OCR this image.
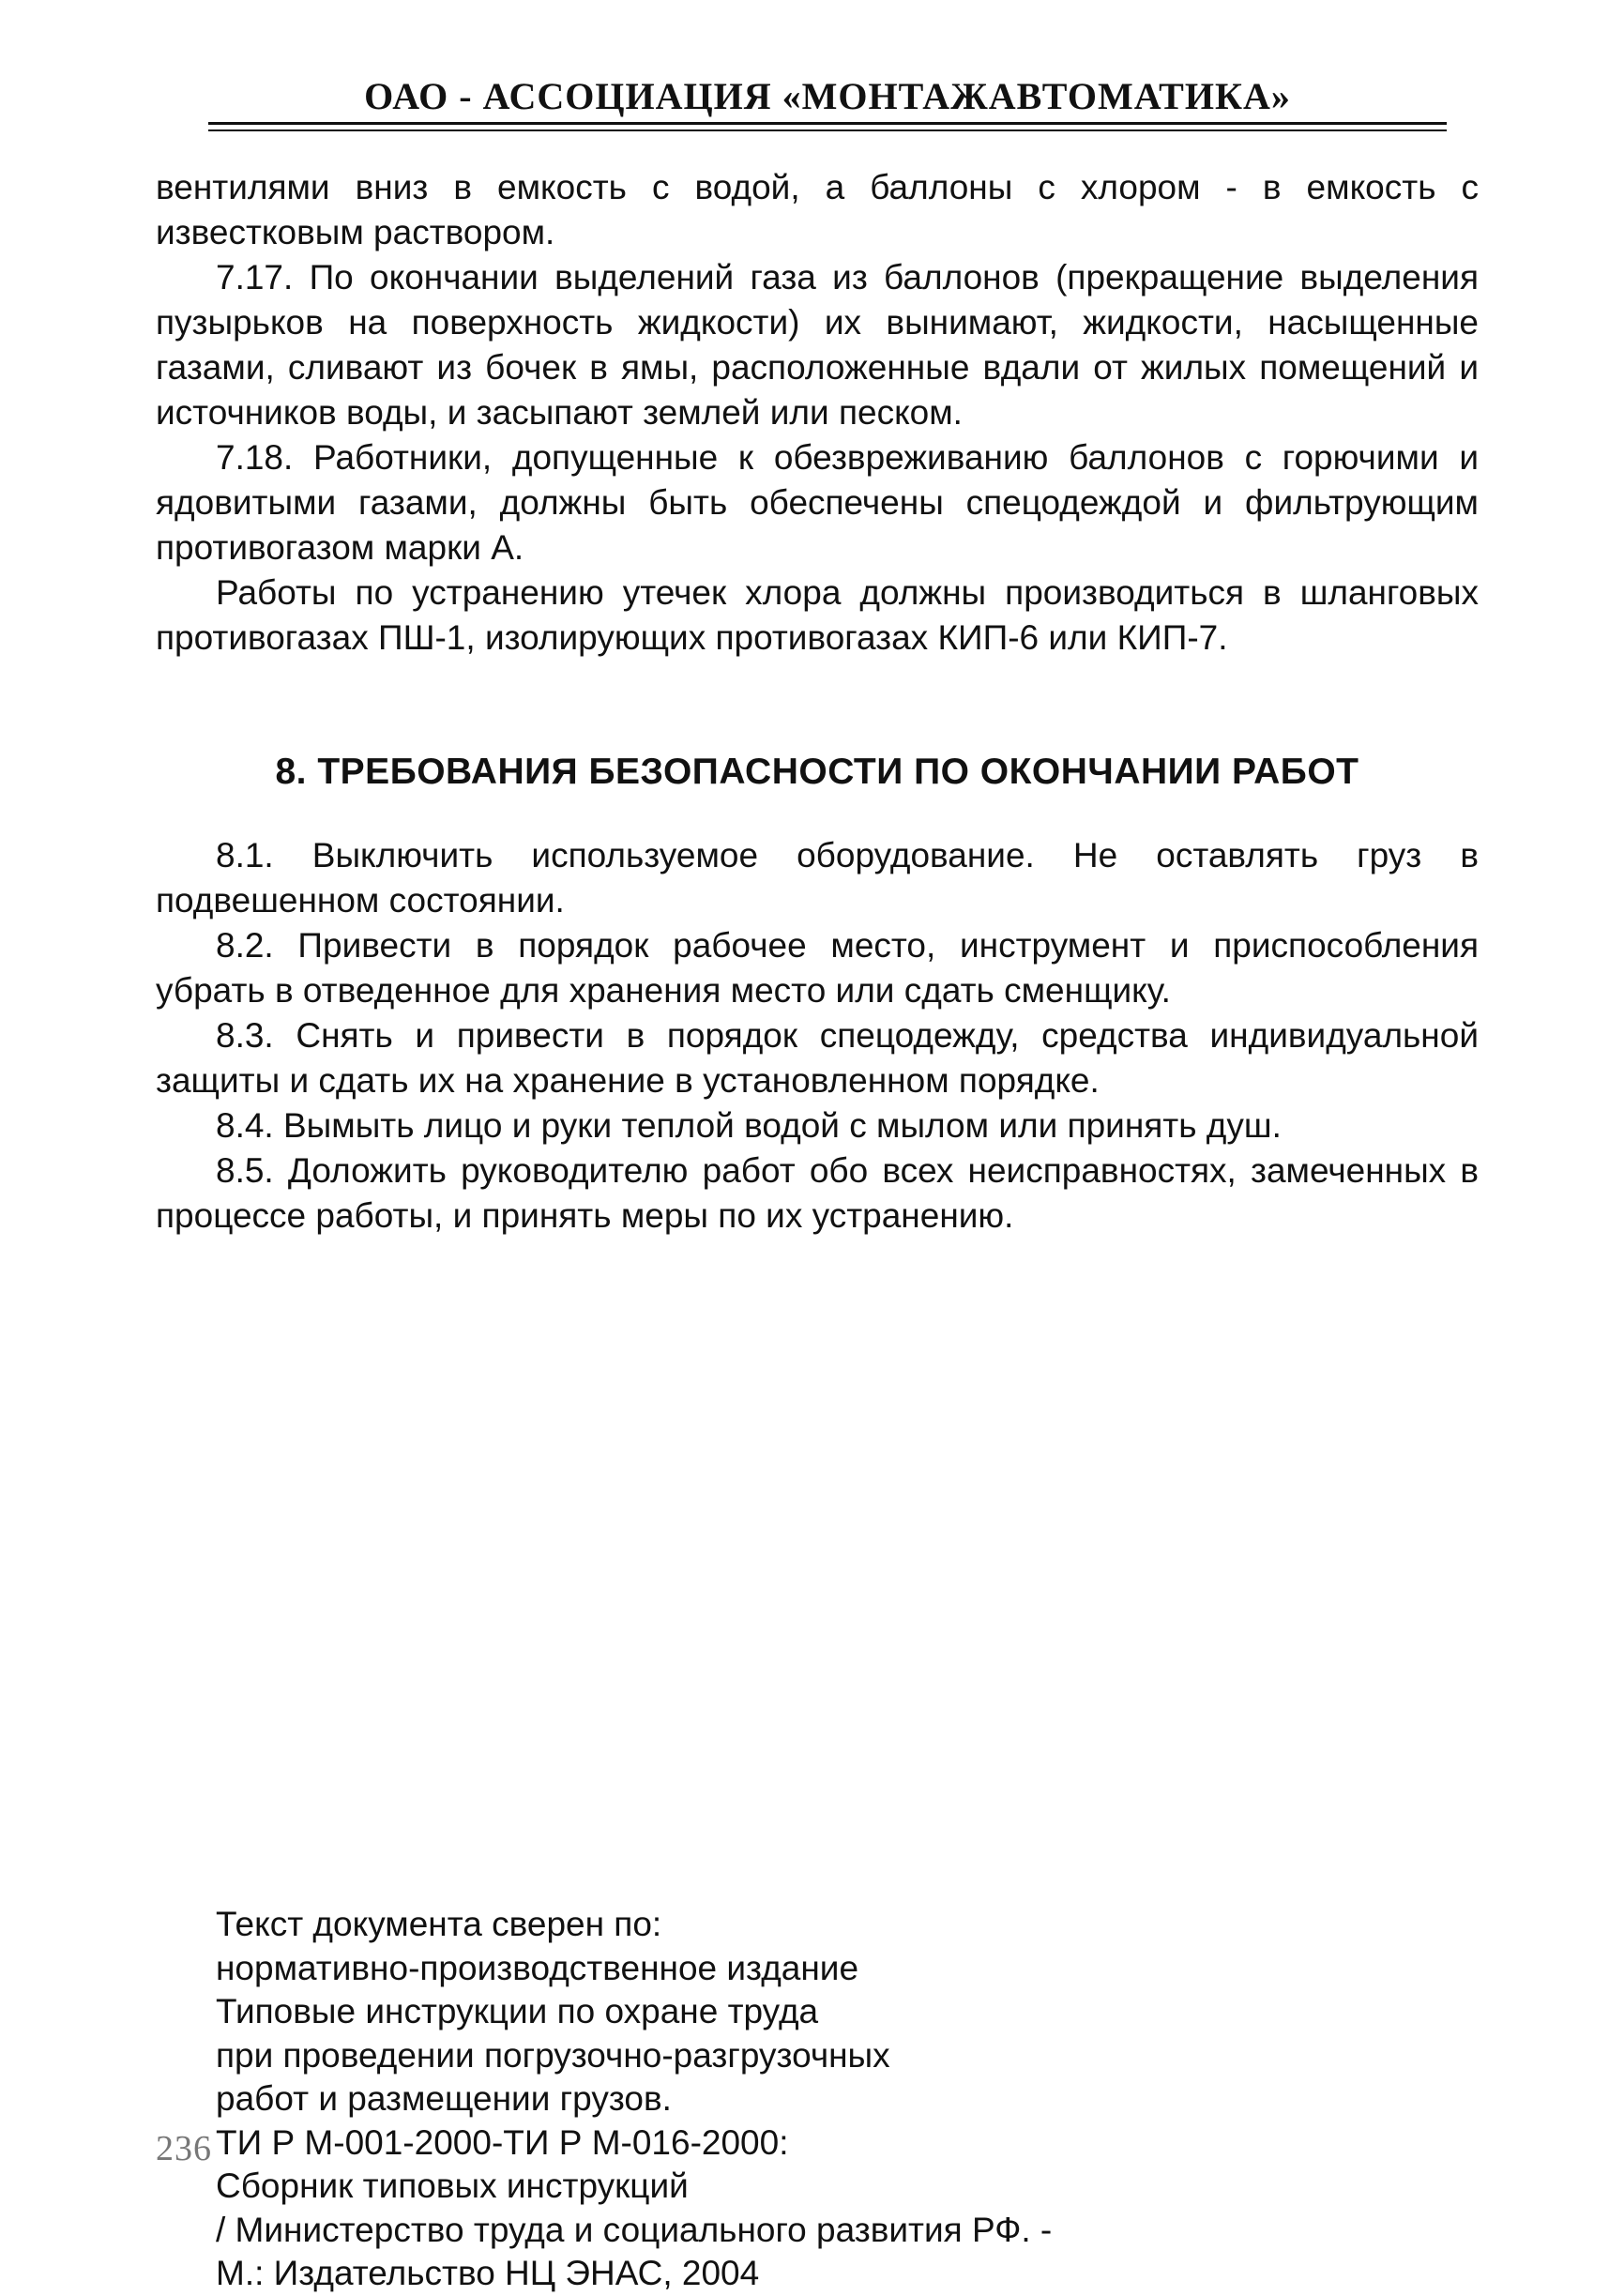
ОАО - АССОЦИАЦИЯ «МОНТАЖАВТОМАТИКА»

вентилями вниз в емкость с водой, а баллоны с хлором - в емкость с известковым раствором.

7.17. По окончании выделений газа из баллонов (прекращение выделения пузырьков на поверхность жидкости) их вынимают, жидкости, насыщенные газами, сливают из бочек в ямы, расположенные вдали от жилых помещений и источников воды, и засыпают землей или песком.

7.18. Работники, допущенные к обезвреживанию баллонов с горючими и ядовитыми газами, должны быть обеспечены спецодеждой и фильтрующим противогазом марки А.

Работы по устранению утечек хлора должны производиться в шланговых противогазах ПШ-1, изолирующих противогазах КИП-6 или КИП-7.

8. ТРЕБОВАНИЯ БЕЗОПАСНОСТИ ПО ОКОНЧАНИИ РАБОТ

8.1. Выключить используемое оборудование. Не оставлять груз в подвешенном состоянии.

8.2. Привести в порядок рабочее место, инструмент и приспособления убрать в отведенное для хранения место или сдать сменщику.

8.3. Снять и привести в порядок спецодежду, средства индивидуальной защиты и сдать их на хранение в установленном порядке.

8.4. Вымыть лицо и руки теплой водой с мылом или принять душ.

8.5. Доложить руководителю работ обо всех неисправностях, замеченных в процессе работы, и принять меры по их устранению.

Текст документа сверен по:
нормативно-производственное издание
Типовые инструкции по охране труда
при проведении погрузочно-разгрузочных
работ и размещении грузов.
ТИ Р М-001-2000-ТИ Р М-016-2000:
Сборник типовых инструкций
/ Министерство труда и социального развития РФ. -
М.: Издательство НЦ ЭНАС, 2004
236
